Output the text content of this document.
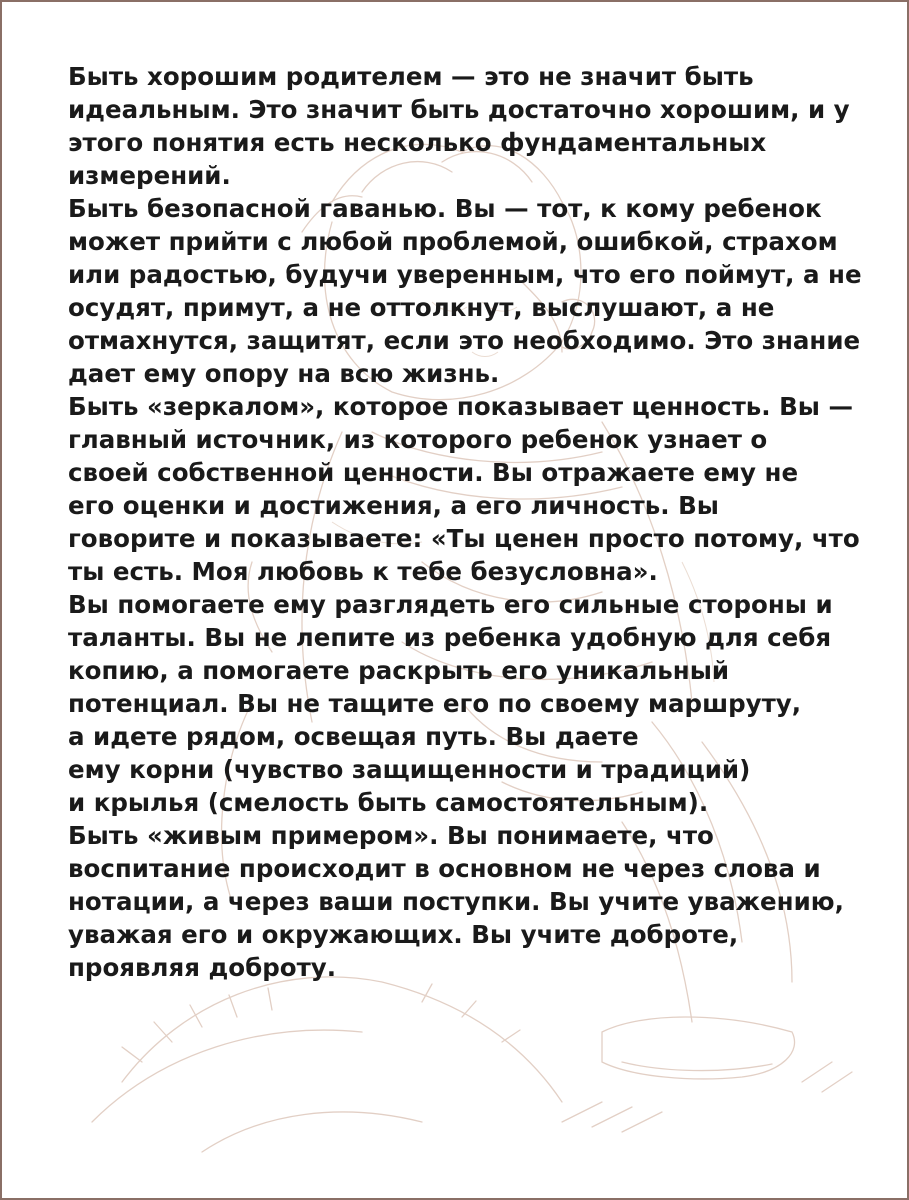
Быть хорошим родителем — это не значит быть
идеальным. Это значит быть достаточно хорошим, и у
этого понятия есть несколько фундаментальных
измерений.
Быть безопасной гаванью. Вы — тот, к кому ребенок
может прийти с любой проблемой, ошибкой, страхом
или радостью, будучи уверенным, что его поймут, а не
осудят, примут, а не оттолкнут, выслушают, а не
отмахнутся, защитят, если это необходимо. Это знание
дает ему опору на всю жизнь.
Быть «зеркалом», которое показывает ценность. Вы —
главный источник, из которого ребенок узнает о
своей собственной ценности. Вы отражаете ему не
его оценки и достижения, а его личность. Вы
говорите и показываете: «Ты ценен просто потому, что
ты есть. Моя любовь к тебе безусловна».
Вы помогаете ему разглядеть его сильные стороны и
таланты. Вы не лепите из ребенка удобную для себя
копию, а помогаете раскрыть его уникальный
потенциал. Вы не тащите его по своему маршруту,
а идете рядом, освещая путь. Вы даете
ему корни (чувство защищенности и традиций)
и крылья (смелость быть самостоятельным).
Быть «живым примером». Вы понимаете, что
воспитание происходит в основном не через слова и
нотации, а через ваши поступки. Вы учите уважению,
уважая его и окружающих. Вы учите доброте,
проявляя доброту.
